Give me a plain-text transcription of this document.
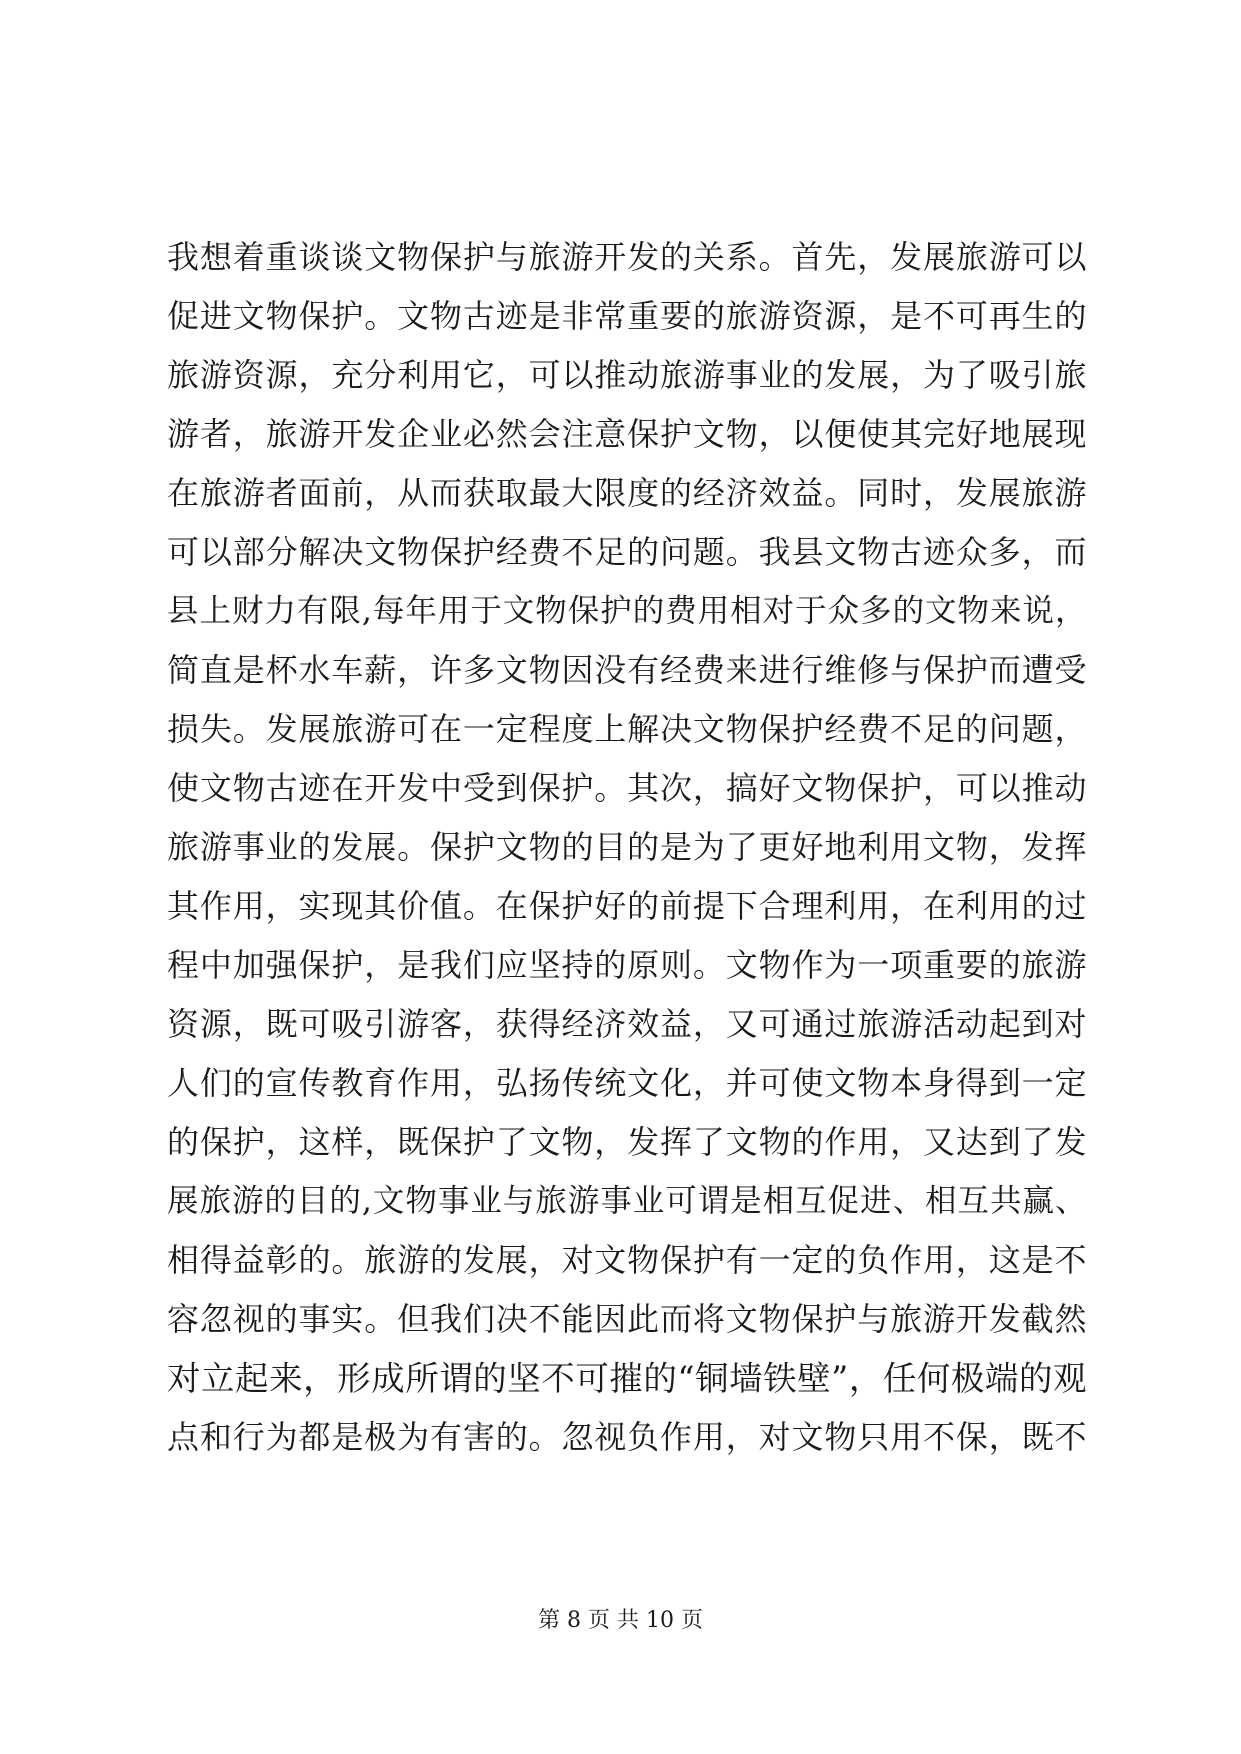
我想着重谈谈文物保护与旅游开发的关系。首先，发展旅游可以
促进文物保护。文物古迹是非常重要的旅游资源，是不可再生的
旅游资源，充分利用它，可以推动旅游事业的发展，为了吸引旅
游者，旅游开发企业必然会注意保护文物，以便使其完好地展现
在旅游者面前，从而获取最大限度的经济效益。同时，发展旅游
可以部分解决文物保护经费不足的问题。我县文物古迹众多，而
县上财力有限,每年用于文物保护的费用相对于众多的文物来说，
简直是杯水车薪，许多文物因没有经费来进行维修与保护而遭受
损失。发展旅游可在一定程度上解决文物保护经费不足的问题，
使文物古迹在开发中受到保护。其次，搞好文物保护，可以推动
旅游事业的发展。保护文物的目的是为了更好地利用文物，发挥
其作用，实现其价值。在保护好的前提下合理利用，在利用的过
程中加强保护，是我们应坚持的原则。文物作为一项重要的旅游
资源，既可吸引游客，获得经济效益，又可通过旅游活动起到对
人们的宣传教育作用，弘扬传统文化，并可使文物本身得到一定
的保护，这样，既保护了文物，发挥了文物的作用，又达到了发
展旅游的目的,文物事业与旅游事业可谓是相互促进、相互共赢、
相得益彰的。旅游的发展，对文物保护有一定的负作用，这是不
容忽视的事实。但我们决不能因此而将文物保护与旅游开发截然
对立起来，形成所谓的坚不可摧的“铜墙铁壁”，任何极端的观
点和行为都是极为有害的。忽视负作用，对文物只用不保，既不
第 8 页 共 10 页
